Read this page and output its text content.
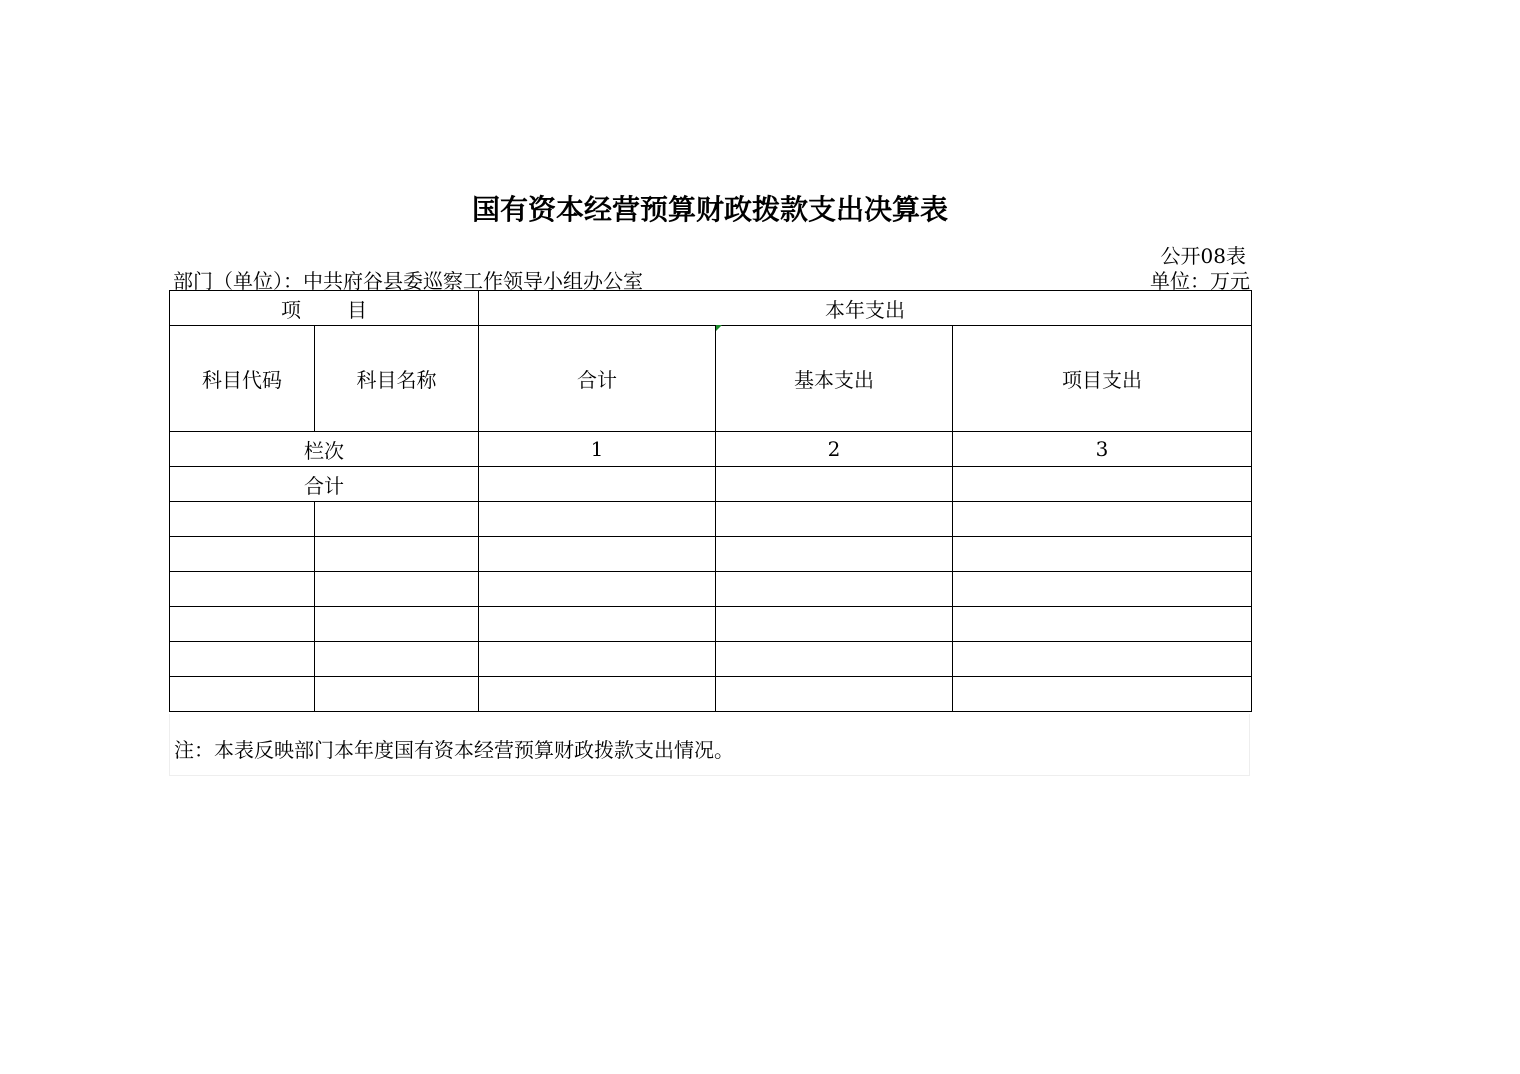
国有资本经营预算财政拨款支出决算表
公开08表
部门（单位）：中共府谷县委巡察工作领导小组办公室	单位：万元
项 目		本年支出		
科目代码	科目名称	合计	基本支出	项目支出
栏次		1	2	3
合计				

注：本表反映部门本年度国有资本经营预算财政拨款支出情况。
